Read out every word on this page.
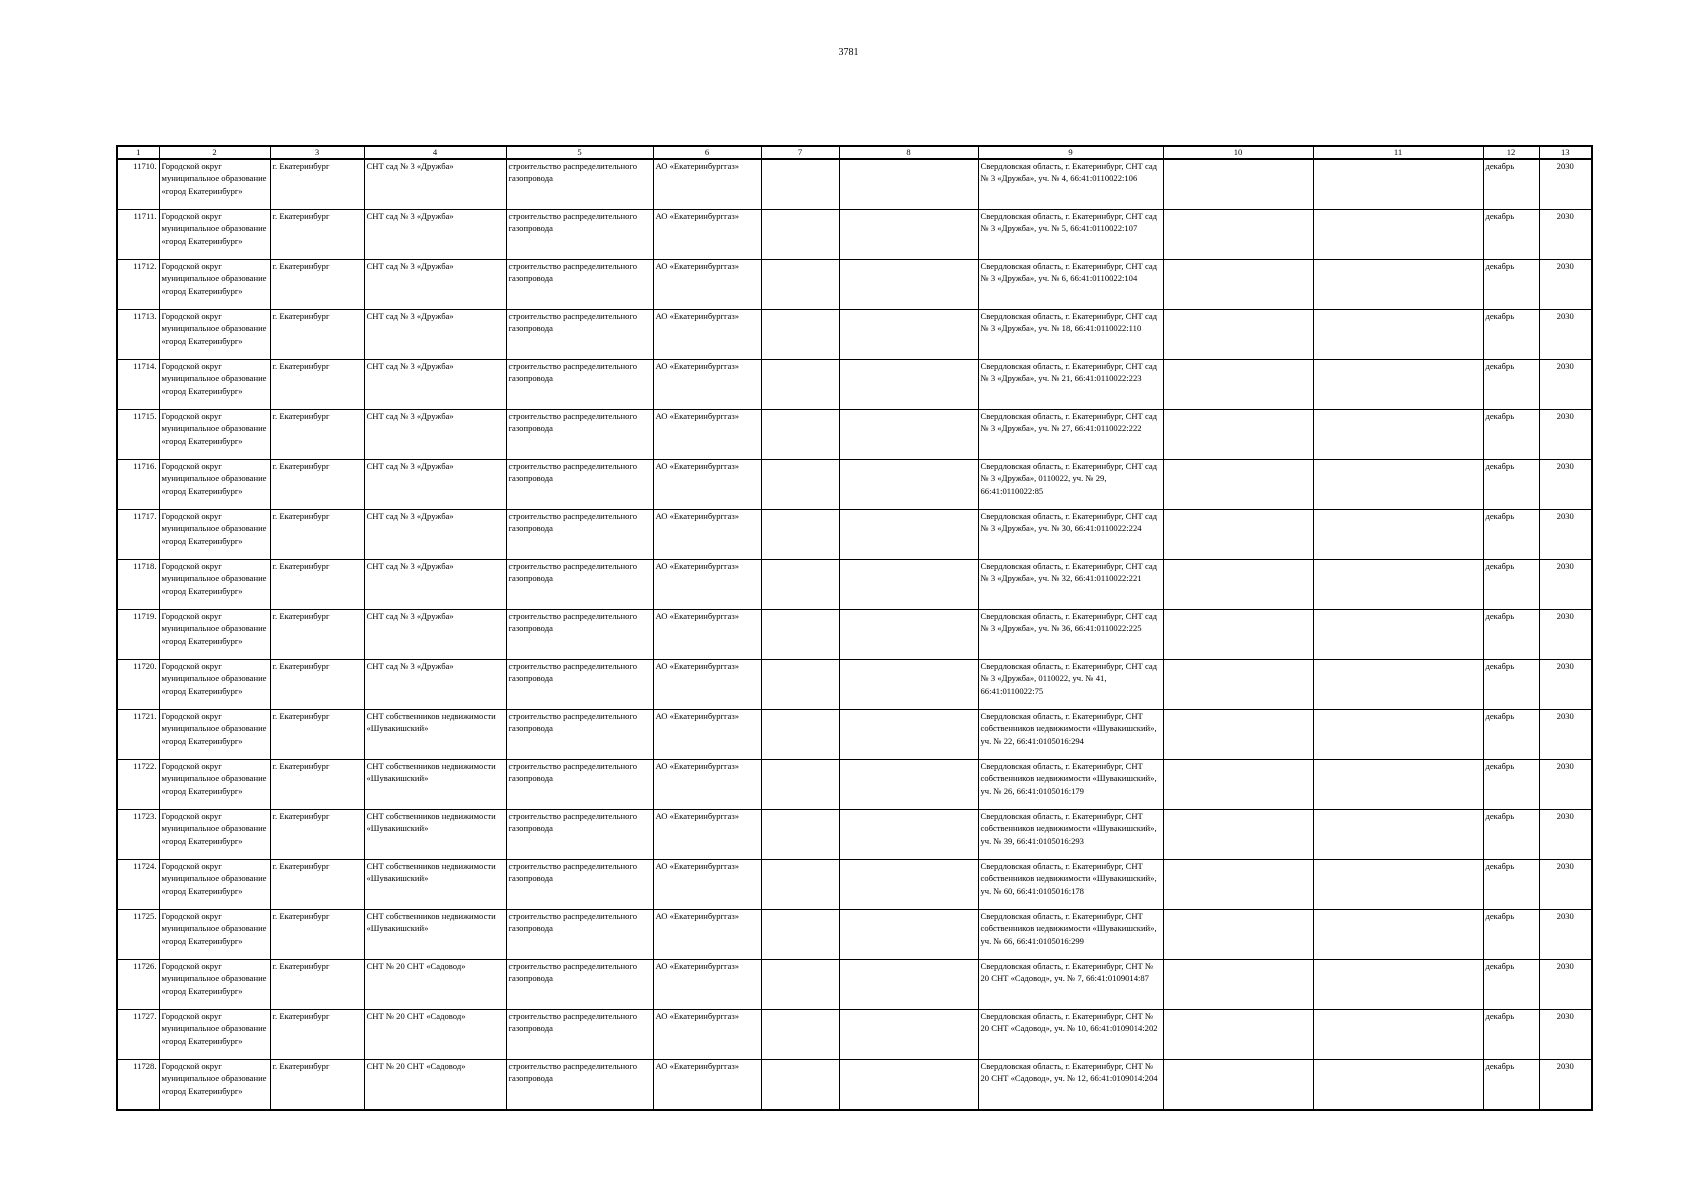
3781
1	2	3	4	5	6	7	8	9	10	11	12	13
11710.	Городской округ муниципальное образование «город Екатеринбург»	г. Екатеринбург	СНТ сад № 3 «Дружба»	строительство распределительного газопровода	АО «Екатеринбурггаз»			Свердловская область, г. Екатеринбург, СНТ сад № 3 «Дружба», уч. № 4, 66:41:0110022:106			декабрь	2030
11711.	Городской округ муниципальное образование «город Екатеринбург»	г. Екатеринбург	СНТ сад № 3 «Дружба»	строительство распределительного газопровода	АО «Екатеринбурггаз»			Свердловская область, г. Екатеринбург, СНТ сад № 3 «Дружба», уч. № 5, 66:41:0110022:107			декабрь	2030
11712.	Городской округ муниципальное образование «город Екатеринбург»	г. Екатеринбург	СНТ сад № 3 «Дружба»	строительство распределительного газопровода	АО «Екатеринбурггаз»			Свердловская область, г. Екатеринбург, СНТ сад № 3 «Дружба», уч. № 6, 66:41:0110022:104			декабрь	2030
11713.	Городской округ муниципальное образование «город Екатеринбург»	г. Екатеринбург	СНТ сад № 3 «Дружба»	строительство распределительного газопровода	АО «Екатеринбурггаз»			Свердловская область, г. Екатеринбург, СНТ сад № 3 «Дружба», уч. № 18, 66:41:0110022:110			декабрь	2030
11714.	Городской округ муниципальное образование «город Екатеринбург»	г. Екатеринбург	СНТ сад № 3 «Дружба»	строительство распределительного газопровода	АО «Екатеринбурггаз»			Свердловская область, г. Екатеринбург, СНТ сад № 3 «Дружба», уч. № 21, 66:41:0110022:223			декабрь	2030
11715.	Городской округ муниципальное образование «город Екатеринбург»	г. Екатеринбург	СНТ сад № 3 «Дружба»	строительство распределительного газопровода	АО «Екатеринбурггаз»			Свердловская область, г. Екатеринбург, СНТ сад № 3 «Дружба», уч. № 27, 66:41:0110022:222			декабрь	2030
11716.	Городской округ муниципальное образование «город Екатеринбург»	г. Екатеринбург	СНТ сад № 3 «Дружба»	строительство распределительного газопровода	АО «Екатеринбурггаз»			Свердловская область, г. Екатеринбург, СНТ сад № 3 «Дружба», 0110022, уч. № 29, 66:41:0110022:85			декабрь	2030
11717.	Городской округ муниципальное образование «город Екатеринбург»	г. Екатеринбург	СНТ сад № 3 «Дружба»	строительство распределительного газопровода	АО «Екатеринбурггаз»			Свердловская область, г. Екатеринбург, СНТ сад № 3 «Дружба», уч. № 30, 66:41:0110022:224			декабрь	2030
11718.	Городской округ муниципальное образование «город Екатеринбург»	г. Екатеринбург	СНТ сад № 3 «Дружба»	строительство распределительного газопровода	АО «Екатеринбурггаз»			Свердловская область, г. Екатеринбург, СНТ сад № 3 «Дружба», уч. № 32, 66:41:0110022:221			декабрь	2030
11719.	Городской округ муниципальное образование «город Екатеринбург»	г. Екатеринбург	СНТ сад № 3 «Дружба»	строительство распределительного газопровода	АО «Екатеринбурггаз»			Свердловская область, г. Екатеринбург, СНТ сад № 3 «Дружба», уч. № 36, 66:41:0110022:225			декабрь	2030
11720.	Городской округ муниципальное образование «город Екатеринбург»	г. Екатеринбург	СНТ сад № 3 «Дружба»	строительство распределительного газопровода	АО «Екатеринбурггаз»			Свердловская область, г. Екатеринбург, СНТ сад № 3 «Дружба», 0110022, уч. № 41, 66:41:0110022:75			декабрь	2030
11721.	Городской округ муниципальное образование «город Екатеринбург»	г. Екатеринбург	СНТ собственников недвижимости «Шувакишский»	строительство распределительного газопровода	АО «Екатеринбурггаз»			Свердловская область, г. Екатеринбург, СНТ собственников недвижимости «Шувакишский», уч. № 22, 66:41:0105016:294			декабрь	2030
11722.	Городской округ муниципальное образование «город Екатеринбург»	г. Екатеринбург	СНТ собственников недвижимости «Шувакишский»	строительство распределительного газопровода	АО «Екатеринбурггаз»			Свердловская область, г. Екатеринбург, СНТ собственников недвижимости «Шувакишский», уч. № 26, 66:41:0105016:179			декабрь	2030
11723.	Городской округ муниципальное образование «город Екатеринбург»	г. Екатеринбург	СНТ собственников недвижимости «Шувакишский»	строительство распределительного газопровода	АО «Екатеринбурггаз»			Свердловская область, г. Екатеринбург, СНТ собственников недвижимости «Шувакишский», уч. № 39, 66:41:0105016:293			декабрь	2030
11724.	Городской округ муниципальное образование «город Екатеринбург»	г. Екатеринбург	СНТ собственников недвижимости «Шувакишский»	строительство распределительного газопровода	АО «Екатеринбурггаз»			Свердловская область, г. Екатеринбург, СНТ собственников недвижимости «Шувакишский», уч. № 60, 66:41:0105016:178			декабрь	2030
11725.	Городской округ муниципальное образование «город Екатеринбург»	г. Екатеринбург	СНТ собственников недвижимости «Шувакишский»	строительство распределительного газопровода	АО «Екатеринбурггаз»			Свердловская область, г. Екатеринбург, СНТ собственников недвижимости «Шувакишский», уч. № 66, 66:41:0105016:299			декабрь	2030
11726.	Городской округ муниципальное образование «город Екатеринбург»	г. Екатеринбург	СНТ № 20 СНТ «Садовод»	строительство распределительного газопровода	АО «Екатеринбурггаз»			Свердловская область, г. Екатеринбург, СНТ № 20 СНТ «Садовод», уч. № 7, 66:41:0109014:87			декабрь	2030
11727.	Городской округ муниципальное образование «город Екатеринбург»	г. Екатеринбург	СНТ № 20 СНТ «Садовод»	строительство распределительного газопровода	АО «Екатеринбурггаз»			Свердловская область, г. Екатеринбург, СНТ № 20 СНТ «Садовод», уч. № 10, 66:41:0109014:202			декабрь	2030
11728.	Городской округ муниципальное образование «город Екатеринбург»	г. Екатеринбург	СНТ № 20 СНТ «Садовод»	строительство распределительного газопровода	АО «Екатеринбурггаз»			Свердловская область, г. Екатеринбург, СНТ № 20 СНТ «Садовод», уч. № 12, 66:41:0109014:204			декабрь	2030
